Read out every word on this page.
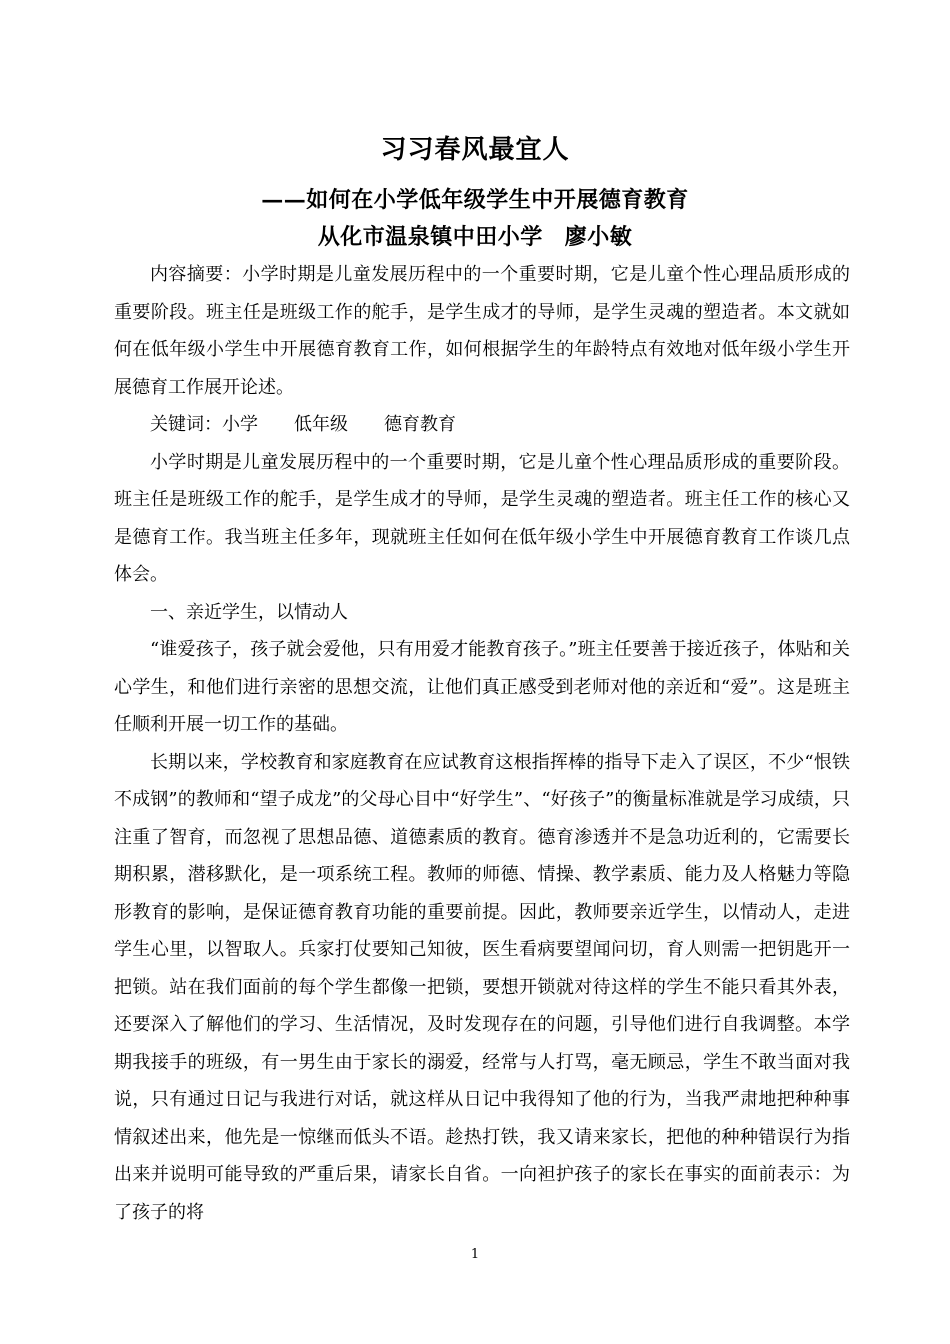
习习春风最宜人
——如何在小学低年级学生中开展德育教育
从化市温泉镇中田小学 廖小敏

内容摘要：小学时期是儿童发展历程中的一个重要时期，它是儿童个性心理品质形成的重要阶段。班主任是班级工作的舵手，是学生成才的导师，是学生灵魂的塑造者。本文就如何在低年级小学生中开展德育教育工作，如何根据学生的年龄特点有效地对低年级小学生开展德育工作展开论述。

关键词：小学 低年级 德育教育

小学时期是儿童发展历程中的一个重要时期，它是儿童个性心理品质形成的重要阶段。班主任是班级工作的舵手，是学生成才的导师，是学生灵魂的塑造者。班主任工作的核心又是德育工作。我当班主任多年，现就班主任如何在低年级小学生中开展德育教育工作谈几点体会。

一、亲近学生，以情动人

“谁爱孩子，孩子就会爱他，只有用爱才能教育孩子。”班主任要善于接近孩子，体贴和关心学生，和他们进行亲密的思想交流，让他们真正感受到老师对他的亲近和“爱”。这是班主任顺利开展一切工作的基础。

长期以来，学校教育和家庭教育在应试教育这根指挥棒的指导下走入了误区，不少“恨铁不成钢”的教师和“望子成龙”的父母心目中“好学生”、“好孩子”的衡量标准就是学习成绩，只注重了智育，而忽视了思想品德、道德素质的教育。德育渗透并不是急功近利的，它需要长期积累，潜移默化，是一项系统工程。教师的师德、情操、教学素质、能力及人格魅力等隐形教育的影响，是保证德育教育功能的重要前提。因此，教师要亲近学生，以情动人，走进学生心里，以智取人。兵家打仗要知己知彼，医生看病要望闻问切，育人则需一把钥匙开一把锁。站在我们面前的每个学生都像一把锁，要想开锁就对待这样的学生不能只看其外表，还要深入了解他们的学习、生活情况，及时发现存在的问题，引导他们进行自我调整。本学期我接手的班级，有一男生由于家长的溺爱，经常与人打骂，毫无顾忌，学生不敢当面对我说，只有通过日记与我进行对话，就这样从日记中我得知了他的行为，当我严肃地把种种事情叙述出来，他先是一惊继而低头不语。趁热打铁，我又请来家长，把他的种种错误行为指出来并说明可能导致的严重后果，请家长自省。一向袒护孩子的家长在事实的面前表示：为了孩子的将

1
